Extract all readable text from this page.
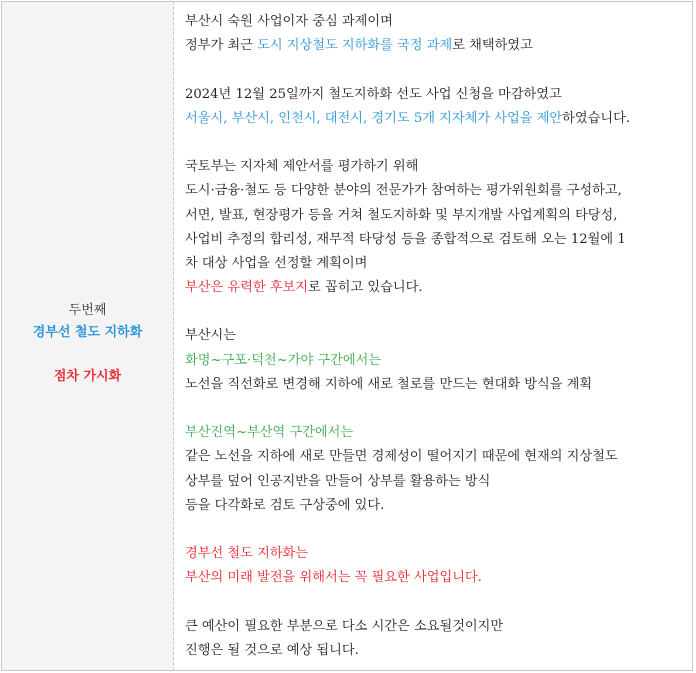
두번째
경부선 철도 지하화
점차 가시화
부산시 숙원 사업이자 중심 과제이며
정부가 최근 도시 지상철도 지하화를 국정 과제로 채택하였고
2024년 12월 25일까지 철도지하화 선도 사업 신청을 마감하였고
서울시, 부산시, 인천시, 대전시, 경기도 5개 지자체가 사업을 제안하였습니다.
국토부는 지자체 제안서를 평가하기 위해
도시·금융·철도 등 다양한 분야의 전문가가 참여하는 평가위원회를 구성하고,
서면, 발표, 현장평가 등을 거쳐 철도지하화 및 부지개발 사업계획의 타당성,
사업비 추정의 합리성, 재무적 타당성 등을 종합적으로 검토해 오는 12월에 1
차 대상 사업을 선정할 계획이며
부산은 유력한 후보지로 꼽히고 있습니다.
부산시는
화명~구포·덕천~가야 구간에서는
노선을 직선화로 변경해 지하에 새로 철로를 만드는 현대화 방식을 계획
부산진역~부산역 구간에서는
같은 노선을 지하에 새로 만들면 경제성이 떨어지기 때문에 현재의 지상철도
상부를 덮어 인공지반을 만들어 상부를 활용하는 방식
등을 다각화로 검토 구상중에 있다.
경부선 철도 지하화는
부산의 미래 발전을 위해서는 꼭 필요한 사업입니다.
큰 예산이 필요한 부분으로 다소 시간은 소요될것이지만
진행은 될 것으로 예상 됩니다.
